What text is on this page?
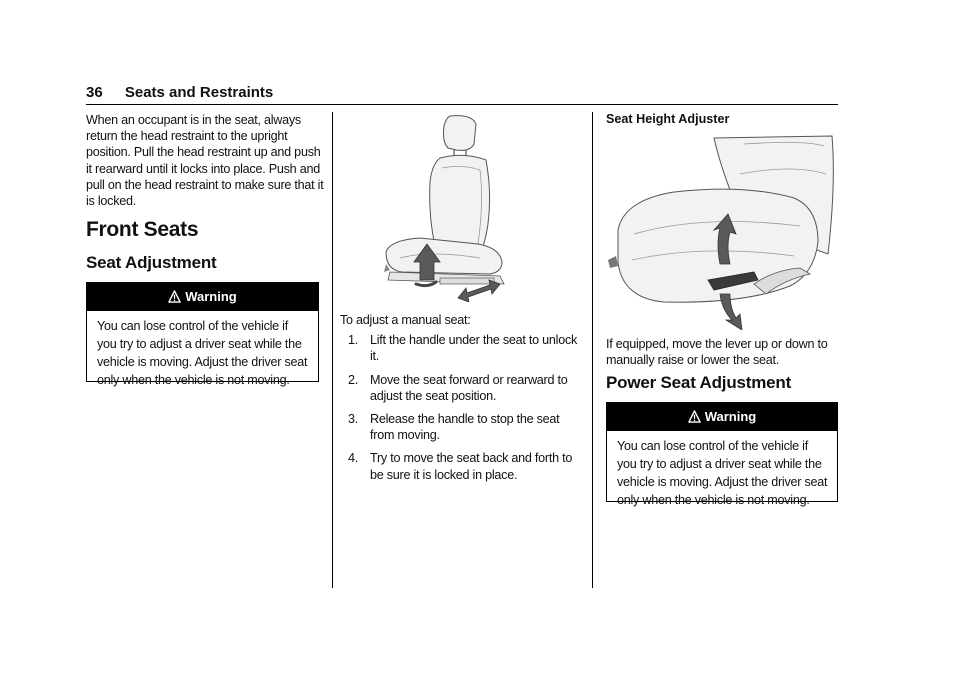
36 Seats and Restraints

When an occupant is in the seat, always return the head restraint to the upright position. Pull the head restraint up and push it rearward until it locks into place. Push and pull on the head restraint to make sure that it is locked.

Front Seats
Seat Adjustment
Warning
You can lose control of the vehicle if you try to adjust a driver seat while the vehicle is moving. Adjust the driver seat only when the vehicle is not moving.

To adjust a manual seat:

1. Lift the handle under the seat to unlock it.
2. Move the seat forward or rearward to adjust the seat position.
3. Release the handle to stop the seat from moving.
4. Try to move the seat back and forth to be sure it is locked in place.
Seat Height Adjuster

If equipped, move the lever up or down to manually raise or lower the seat.

Power Seat Adjustment
Warning
You can lose control of the vehicle if you try to adjust a driver seat while the vehicle is moving. Adjust the driver seat only when the vehicle is not moving.
